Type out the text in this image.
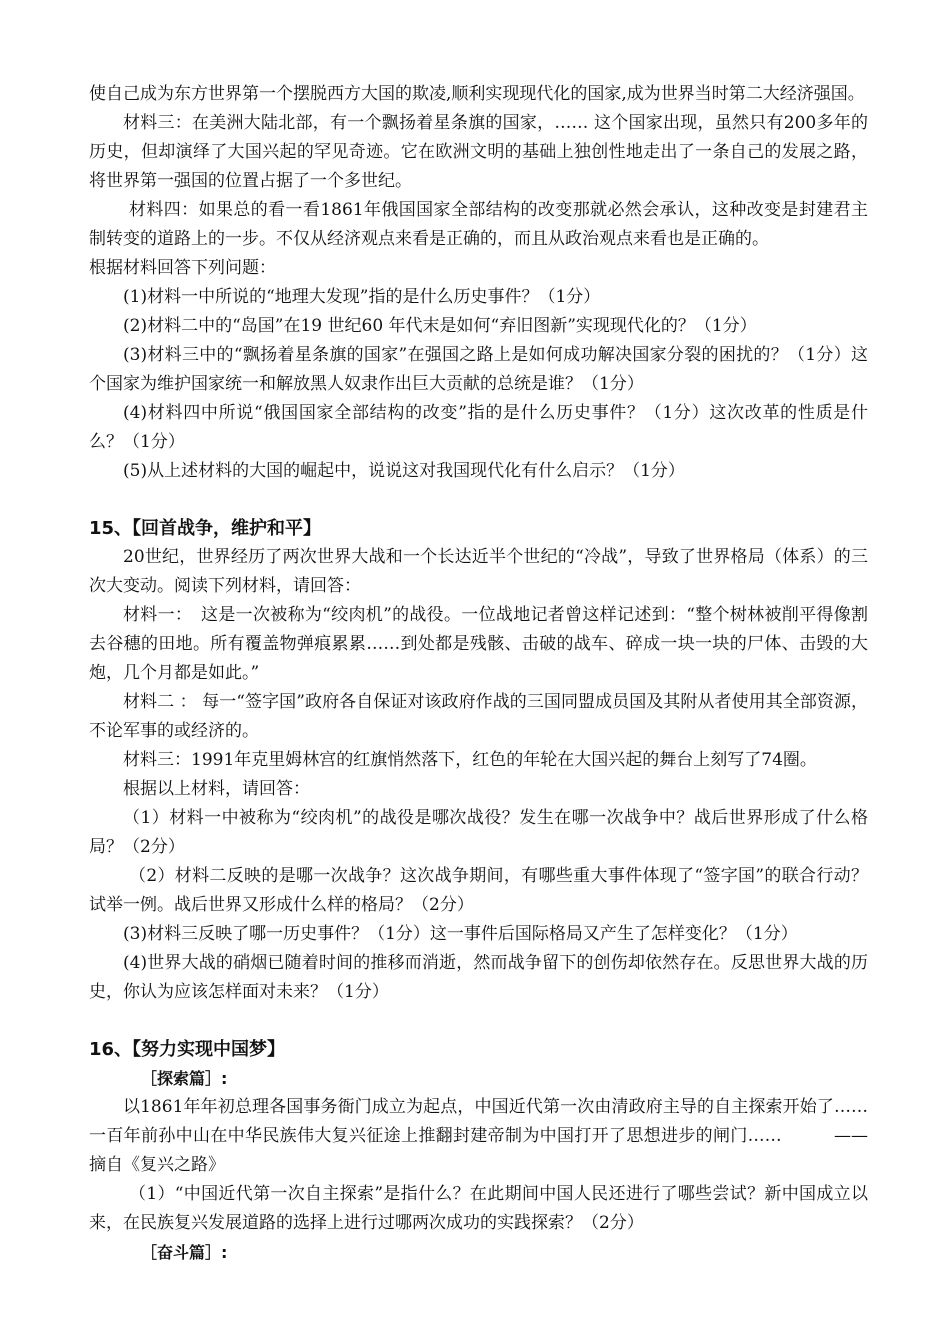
使自己成为东方世界第一个摆脱西方大国的欺凌,顺利实现现代化的国家,成为世界当时第二大经济强国。

材料三：在美洲大陆北部，有一个飘扬着星条旗的国家，…… 这个国家出现，虽然只有200多年的历史，但却演绎了大国兴起的罕见奇迹。它在欧洲文明的基础上独创性地走出了一条自己的发展之路，将世界第一强国的位置占据了一个多世纪。

材料四：如果总的看一看1861年俄国国家全部结构的改变那就必然会承认，这种改变是封建君主制转变的道路上的一步。不仅从经济观点来看是正确的，而且从政治观点来看也是正确的。

根据材料回答下列问题：

(1)材料一中所说的“地理大发现”指的是什么历史事件？（1分）

(2)材料二中的“岛国”在19 世纪60 年代末是如何“弃旧图新”实现现代化的？（1分）

(3)材料三中的“飘扬着星条旗的国家”在强国之路上是如何成功解决国家分裂的困扰的？（1分）这个国家为维护国家统一和解放黑人奴隶作出巨大贡献的总统是谁？（1分）

(4)材料四中所说“俄国国家全部结构的改变”指的是什么历史事件？（1分）这次改革的性质是什么？（1分）

(5)从上述材料的大国的崛起中，说说这对我国现代化有什么启示？（1分）

15、【回首战争，维护和平】

20世纪，世界经历了两次世界大战和一个长达近半个世纪的“冷战”，导致了世界格局（体系）的三次大变动。阅读下列材料，请回答：

材料一：　这是一次被称为“绞肉机”的战役。一位战地记者曾这样记述到：“整个树林被削平得像割去谷穗的田地。所有覆盖物弹痕累累……到处都是残骸、击破的战车、碎成一块一块的尸体、击毁的大炮，几个月都是如此。”

材料二 ： 每一“签字国”政府各自保证对该政府作战的三国同盟成员国及其附从者使用其全部资源，不论军事的或经济的。

材料三：1991年克里姆林宫的红旗悄然落下，红色的年轮在大国兴起的舞台上刻写了74圈。

根据以上材料，请回答：

（1）材料一中被称为“绞肉机”的战役是哪次战役？发生在哪一次战争中？战后世界形成了什么格局？（2分）

（2）材料二反映的是哪一次战争？这次战争期间，有哪些重大事件体现了“签字国”的联合行动？试举一例。战后世界又形成什么样的格局？（2分）

(3)材料三反映了哪一历史事件？（1分）这一事件后国际格局又产生了怎样变化？（1分）

(4)世界大战的硝烟已随着时间的推移而消逝，然而战争留下的创伤却依然存在。反思世界大战的历史，你认为应该怎样面对未来？（1分）

16、【努力实现中国梦】

［探索篇］:

以1861年年初总理各国事务衙门成立为起点，中国近代第一次由清政府主导的自主探索开始了……一百年前孙中山在中华民族伟大复兴征途上推翻封建帝制为中国打开了思想进步的闸门……　　　——摘自《复兴之路》

（1）“中国近代第一次自主探索”是指什么？在此期间中国人民还进行了哪些尝试？新中国成立以来，在民族复兴发展道路的选择上进行过哪两次成功的实践探索？（2分）

［奋斗篇］:
